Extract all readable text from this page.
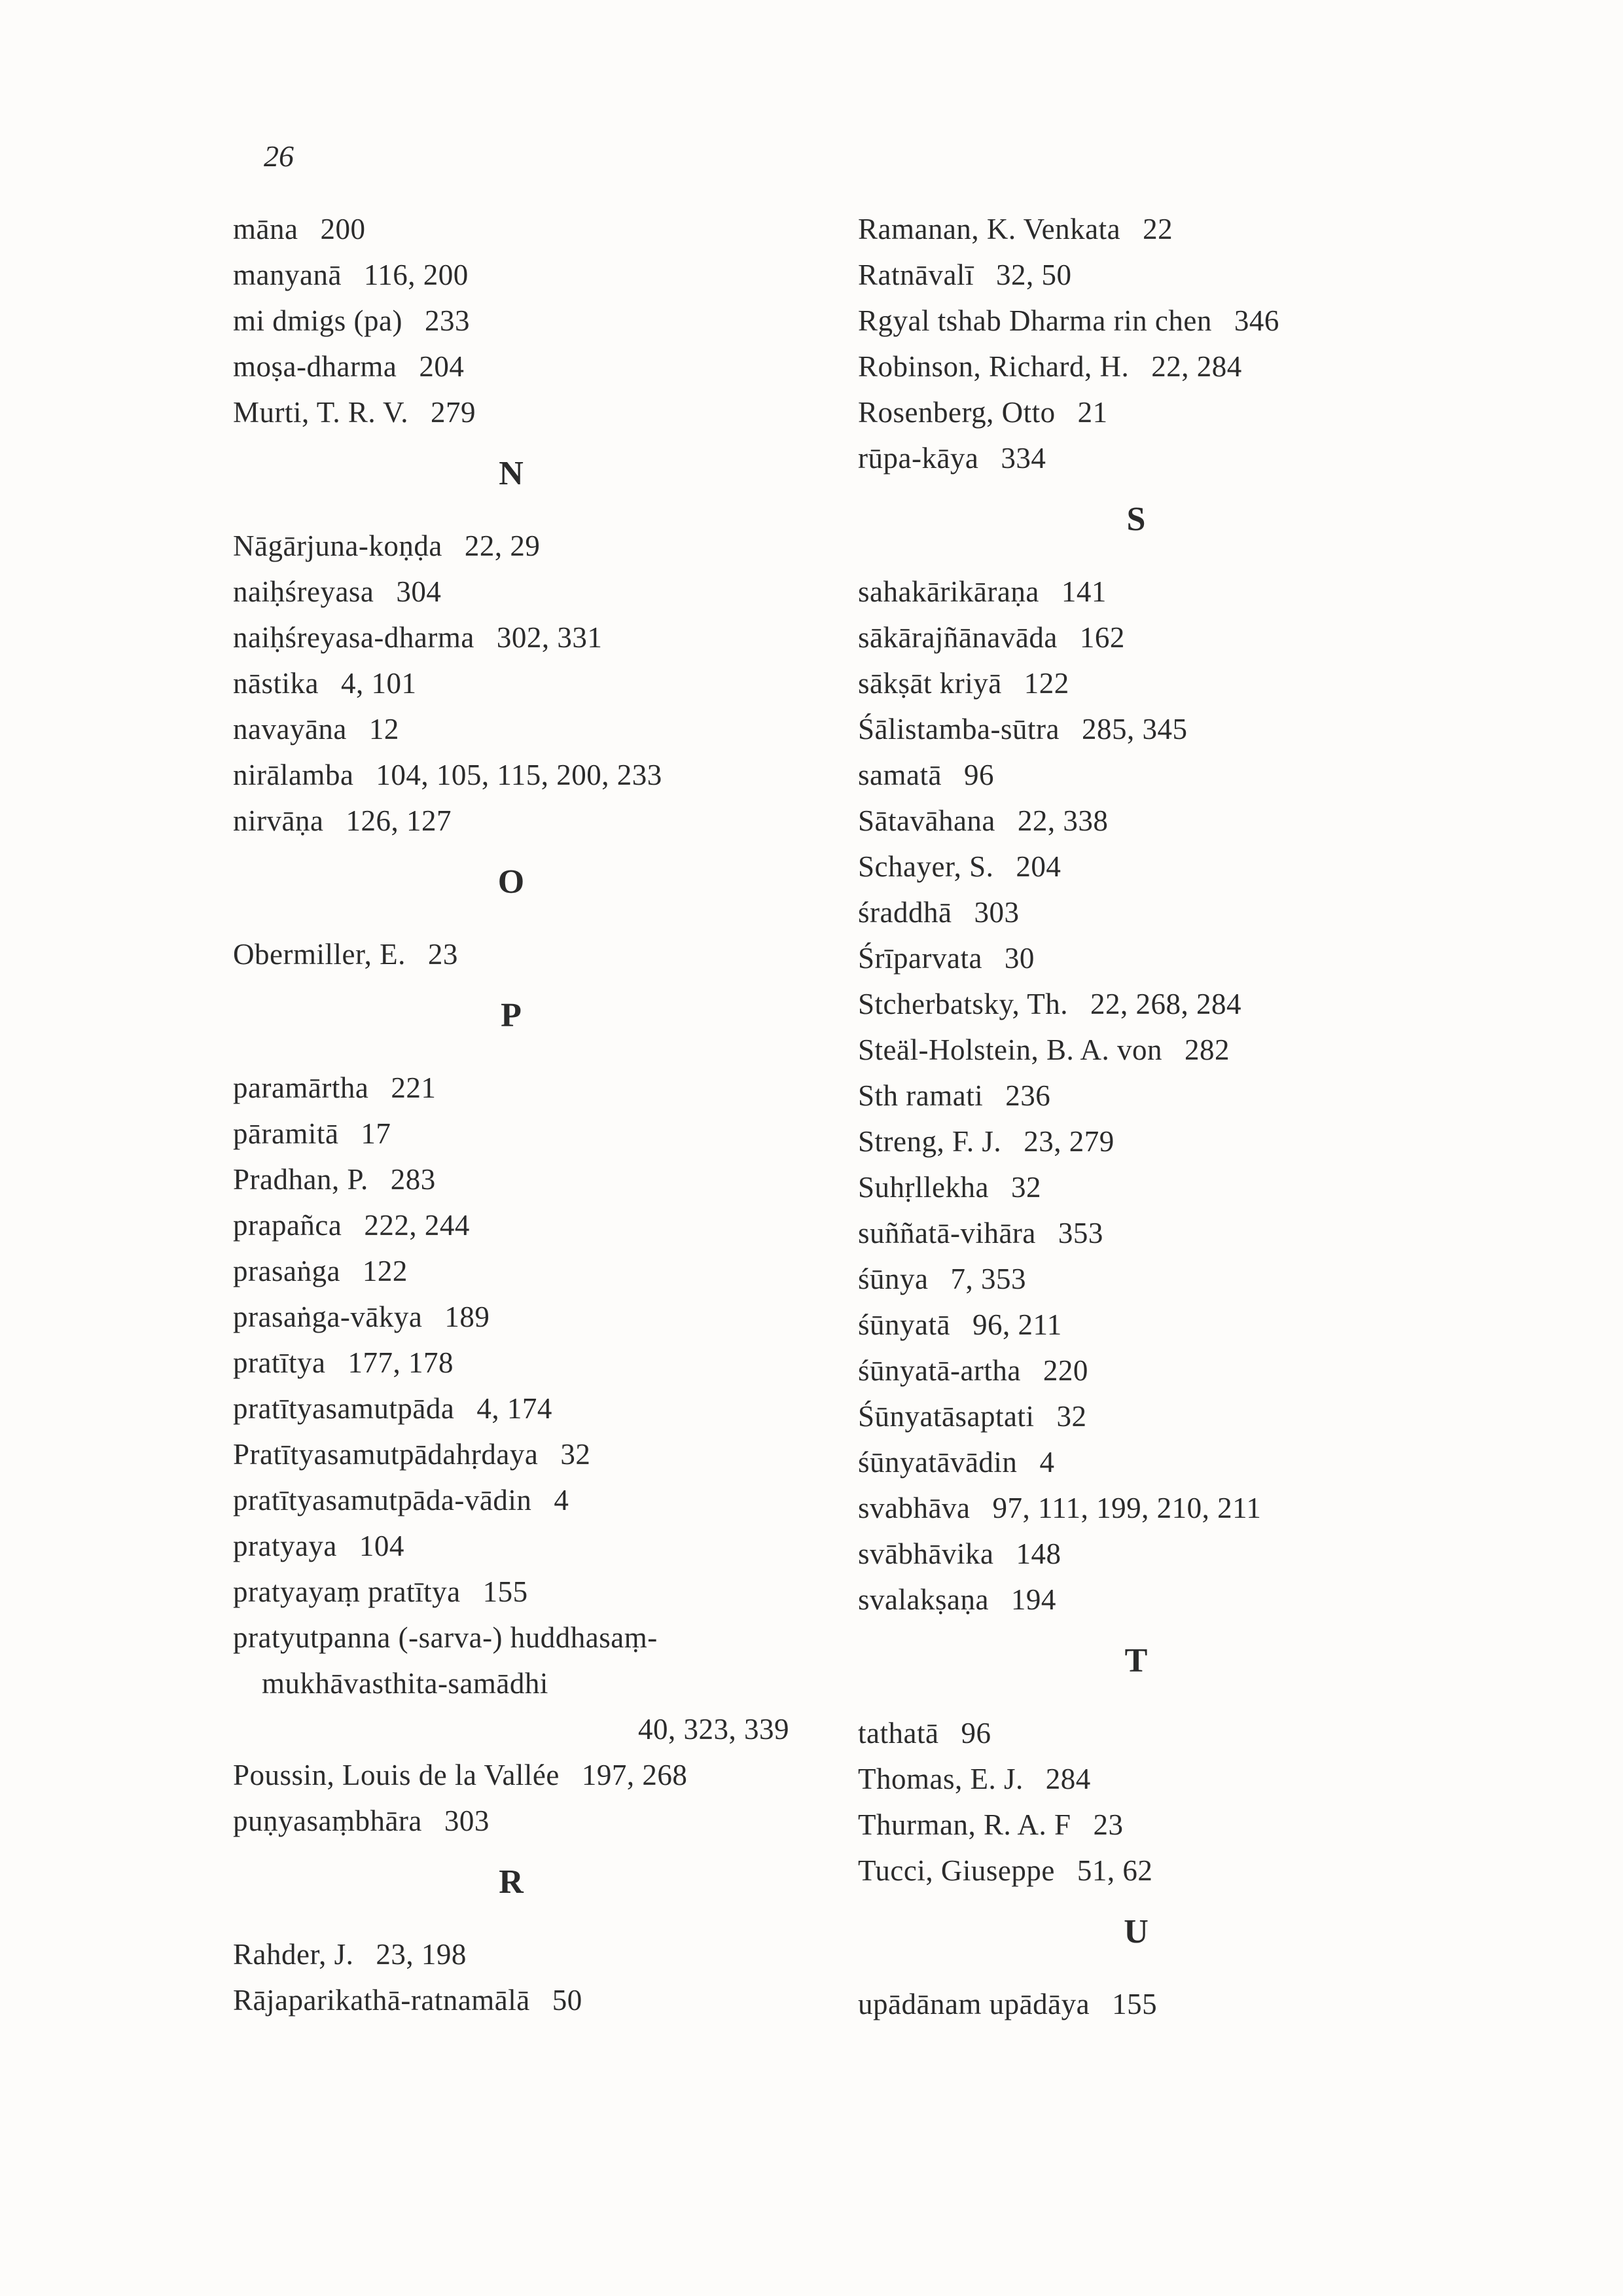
26
māna 200
manyanā 116, 200
mi dmigs (pa) 233
moṣa-dharma 204
Murti, T. R. V. 279
N
Nāgārjuna-koṇḍa 22, 29
naiḥśreyasa 304
naiḥśreyasa-dharma 302, 331
nāstika 4, 101
navayāna 12
nirālamba 104, 105, 115, 200, 233
nirvāṇa 126, 127
O
Obermiller, E. 23
P
paramārtha 221
pāramitā 17
Pradhan, P. 283
prapañca 222, 244
prasaṅga 122
prasaṅga-vākya 189
pratītya 177, 178
pratītyasamutpāda 4, 174
Pratītyasamutpādahṛdaya 32
pratītyasamutpāda-vādin 4
pratyaya 104
pratyayaṃ pratītya 155
pratyutpanna (-sarva-) huddhasaṃ-
mukhāvasthita-samādhi
40, 323, 339
Poussin, Louis de la Vallée 197, 268
puṇyasaṃbhāra 303
R
Rahder, J. 23, 198
Rājaparikathā-ratnamālā 50
Ramanan, K. Venkata 22
Ratnāvalī 32, 50
Rgyal tshab Dharma rin chen 346
Robinson, Richard, H. 22, 284
Rosenberg, Otto 21
rūpa-kāya 334
S
sahakārikāraṇa 141
sākārajñānavāda 162
sākṣāt kriyā 122
Śālistamba-sūtra 285, 345
samatā 96
Sātavāhana 22, 338
Schayer, S. 204
śraddhā 303
Śrīparvata 30
Stcherbatsky, Th. 22, 268, 284
Steäl-Holstein, B. A. von 282
Sth ramati 236
Streng, F. J. 23, 279
Suhṛllekha 32
suññatā-vihāra 353
śūnya 7, 353
śūnyatā 96, 211
śūnyatā-artha 220
Śūnyatāsaptati 32
śūnyatāvādin 4
svabhāva 97, 111, 199, 210, 211
svābhāvika 148
svalakṣaṇa 194
T
tathatā 96
Thomas, E. J. 284
Thurman, R. A. F 23
Tucci, Giuseppe 51, 62
U
upādānam upādāya 155
